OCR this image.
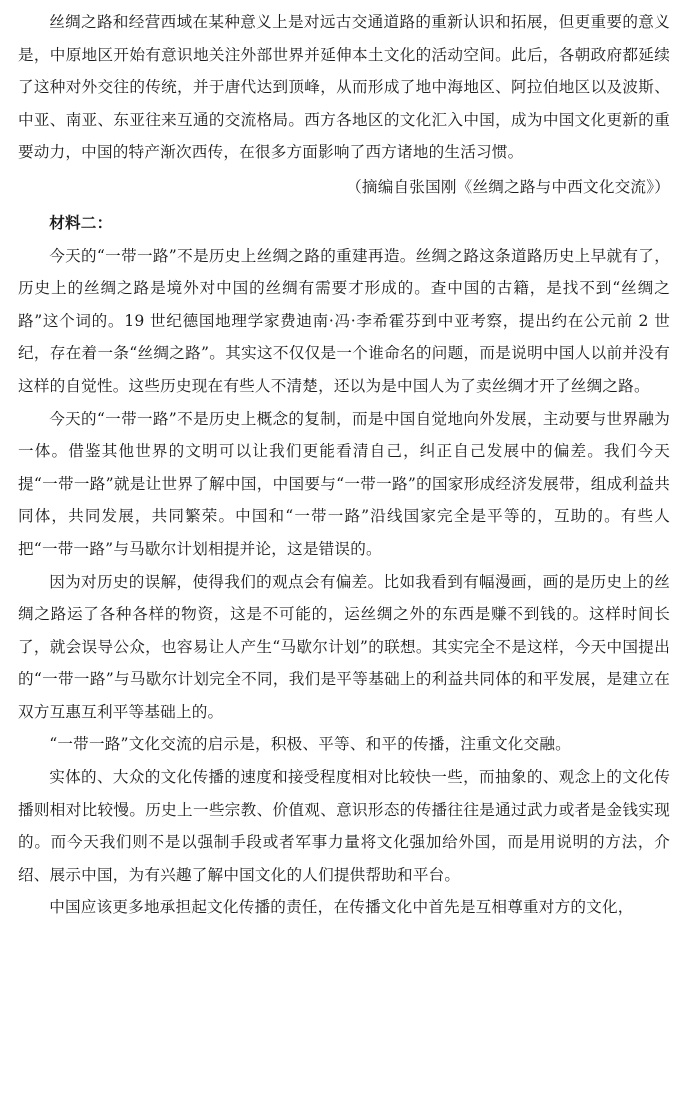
丝绸之路和经营西域在某种意义上是对远古交通道路的重新认识和拓展，但更重要的意义是，中原地区开始有意识地关注外部世界并延伸本土文化的活动空间。此后，各朝政府都延续了这种对外交往的传统，并于唐代达到顶峰，从而形成了地中海地区、阿拉伯地区以及波斯、中亚、南亚、东亚往来互通的交流格局。西方各地区的文化汇入中国，成为中国文化更新的重要动力，中国的特产渐次西传，在很多方面影响了西方诸地的生活习惯。

（摘编自张国刚《丝绸之路与中西文化交流》）

材料二：

今天的“一带一路”不是历史上丝绸之路的重建再造。丝绸之路这条道路历史上早就有了，历史上的丝绸之路是境外对中国的丝绸有需要才形成的。查中国的古籍，是找不到“丝绸之路”这个词的。19 世纪德国地理学家费迪南·冯·李希霍芬到中亚考察，提出约在公元前 2 世纪，存在着一条“丝绸之路”。其实这不仅仅是一个谁命名的问题，而是说明中国人以前并没有这样的自觉性。这些历史现在有些人不清楚，还以为是中国人为了卖丝绸才开了丝绸之路。

今天的“一带一路”不是历史上概念的复制，而是中国自觉地向外发展，主动要与世界融为一体。借鉴其他世界的文明可以让我们更能看清自己，纠正自己发展中的偏差。我们今天提“一带一路”就是让世界了解中国，中国要与“一带一路”的国家形成经济发展带，组成利益共同体，共同发展，共同繁荣。中国和“一带一路”沿线国家完全是平等的，互助的。有些人把“一带一路”与马歇尔计划相提并论，这是错误的。

因为对历史的误解，使得我们的观点会有偏差。比如我看到有幅漫画，画的是历史上的丝绸之路运了各种各样的物资，这是不可能的，运丝绸之外的东西是赚不到钱的。这样时间长了，就会误导公众，也容易让人产生“马歇尔计划”的联想。其实完全不是这样，今天中国提出的“一带一路”与马歇尔计划完全不同，我们是平等基础上的利益共同体的和平发展，是建立在双方互惠互利平等基础上的。

“一带一路”文化交流的启示是，积极、平等、和平的传播，注重文化交融。

实体的、大众的文化传播的速度和接受程度相对比较快一些，而抽象的、观念上的文化传播则相对比较慢。历史上一些宗教、价值观、意识形态的传播往往是通过武力或者是金钱实现的。而今天我们则不是以强制手段或者军事力量将文化强加给外国，而是用说明的方法，介绍、展示中国，为有兴趣了解中国文化的人们提供帮助和平台。

中国应该更多地承担起文化传播的责任，在传播文化中首先是互相尊重对方的文化，
